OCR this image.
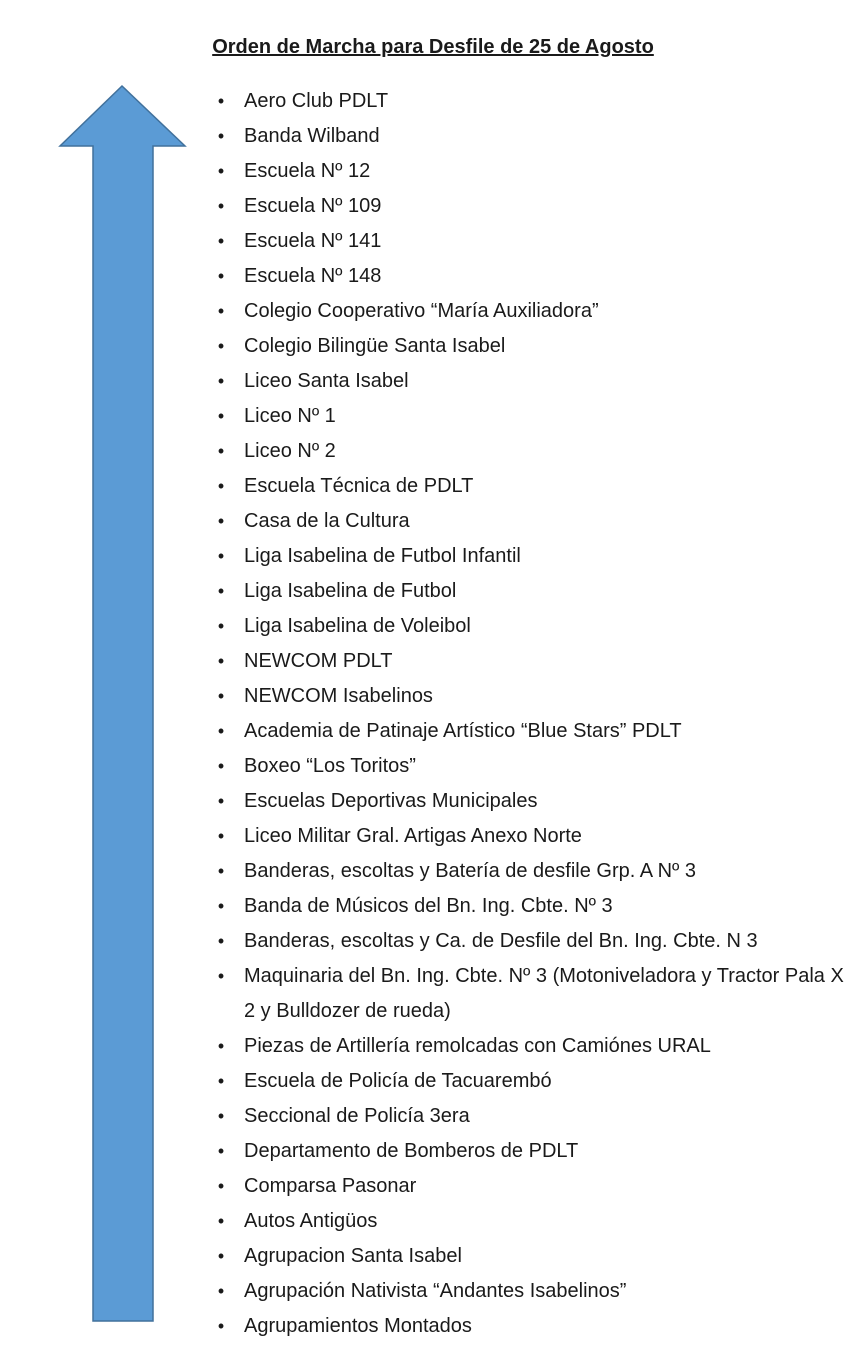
Orden de Marcha para Desfile de 25 de Agosto
• Aero Club PDLT
• Banda Wilband
• Escuela Nº 12
• Escuela Nº 109
• Escuela Nº 141
• Escuela Nº 148
• Colegio Cooperativo “María Auxiliadora”
• Colegio Bilingüe Santa Isabel
• Liceo Santa Isabel
• Liceo Nº 1
• Liceo Nº 2
• Escuela Técnica de PDLT
• Casa de la Cultura
• Liga Isabelina de Futbol Infantil
• Liga Isabelina de Futbol
• Liga Isabelina de Voleibol
• NEWCOM PDLT
• NEWCOM Isabelinos
• Academia de Patinaje Artístico “Blue Stars” PDLT
• Boxeo “Los Toritos”
• Escuelas Deportivas Municipales
• Liceo Militar Gral. Artigas Anexo Norte
• Banderas, escoltas y Batería de desfile Grp. A Nº 3
• Banda de Músicos del Bn. Ing. Cbte. Nº 3
• Banderas, escoltas y Ca. de Desfile del Bn. Ing. Cbte. N 3
• Maquinaria del Bn. Ing. Cbte. Nº 3 (Motoniveladora y Tractor Pala X 2 y Bulldozer de rueda)
• Piezas de Artillería remolcadas con Camiónes URAL
• Escuela de Policía de Tacuarembó
• Seccional de Policía 3era
• Departamento de Bomberos de PDLT
• Comparsa Pasonar
• Autos Antigüos
• Agrupacion Santa Isabel
• Agrupación Nativista “Andantes Isabelinos”
• Agrupamientos Montados
